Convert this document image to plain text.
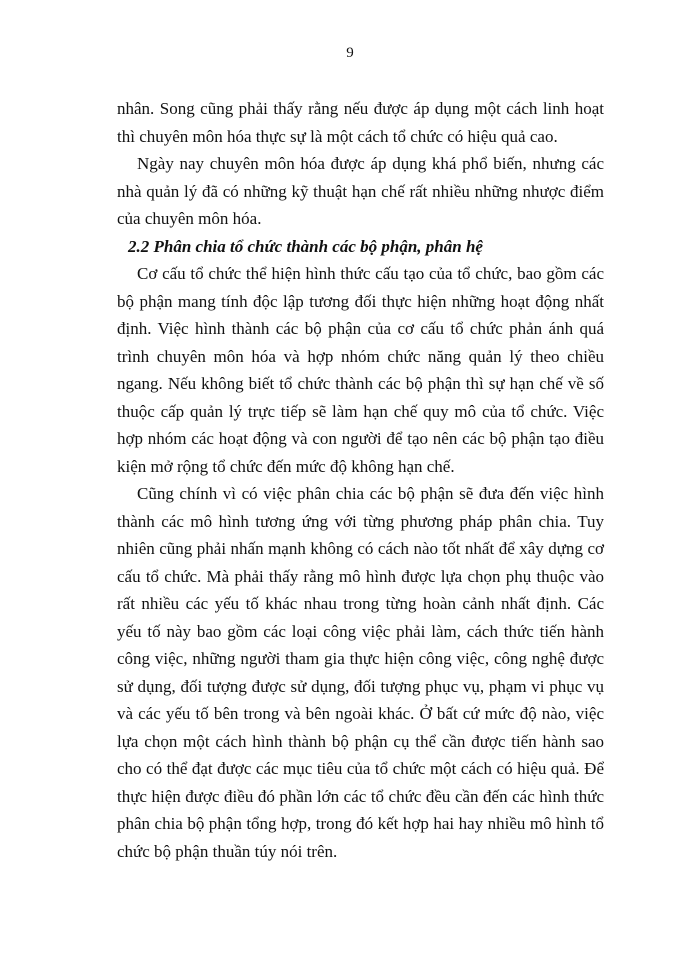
9

nhân. Song cũng phải thấy rằng nếu được áp dụng một cách linh hoạt thì chuyên môn hóa thực sự là một cách tổ chức có hiệu quả cao.

Ngày nay chuyên môn hóa được áp dụng khá phổ biến, nhưng các nhà quản lý đã có những kỹ thuật hạn chế rất nhiều những nhược điểm của chuyên môn hóa.

2.2 Phân chia tổ chức thành các bộ phận, phân hệ

Cơ cấu tổ chức thể hiện hình thức cấu tạo của tổ chức, bao gồm các bộ phận mang tính độc lập tương đối thực hiện những hoạt động nhất định. Việc hình thành các bộ phận của cơ cấu tổ chức phản ánh quá trình chuyên môn hóa và hợp nhóm chức năng quản lý theo chiều ngang. Nếu không biết tổ chức thành các bộ phận thì sự hạn chế về số thuộc cấp quản lý trực tiếp sẽ làm hạn chế quy mô của tổ chức. Việc hợp nhóm các hoạt động và con người để tạo nên các bộ phận tạo điều kiện mở rộng tổ chức đến mức độ không hạn chế.

Cũng chính vì có việc phân chia các bộ phận sẽ đưa đến việc hình thành các mô hình tương ứng với từng phương pháp phân chia. Tuy nhiên cũng phải nhấn mạnh không có cách nào tốt nhất để xây dựng cơ cấu tổ chức. Mà phải thấy rằng mô hình được lựa chọn phụ thuộc vào rất nhiều các yếu tố khác nhau trong từng hoàn cảnh nhất định. Các yếu tố này bao gồm các loại công việc phải làm, cách thức tiến hành công việc, những người tham gia thực hiện công việc, công nghệ được sử dụng, đối tượng được sử dụng, đối tượng phục vụ, phạm vi phục vụ và các yếu tố bên trong và bên ngoài khác. Ở bất cứ mức độ nào, việc lựa chọn một cách hình thành bộ phận cụ thể cần được tiến hành sao cho có thể đạt được các mục tiêu của tổ chức một cách có hiệu quả. Để thực hiện được điều đó phần lớn các tổ chức đều cần đến các hình thức phân chia bộ phận tổng hợp, trong đó kết hợp hai hay nhiều mô hình tổ chức bộ phận thuần túy nói trên.
